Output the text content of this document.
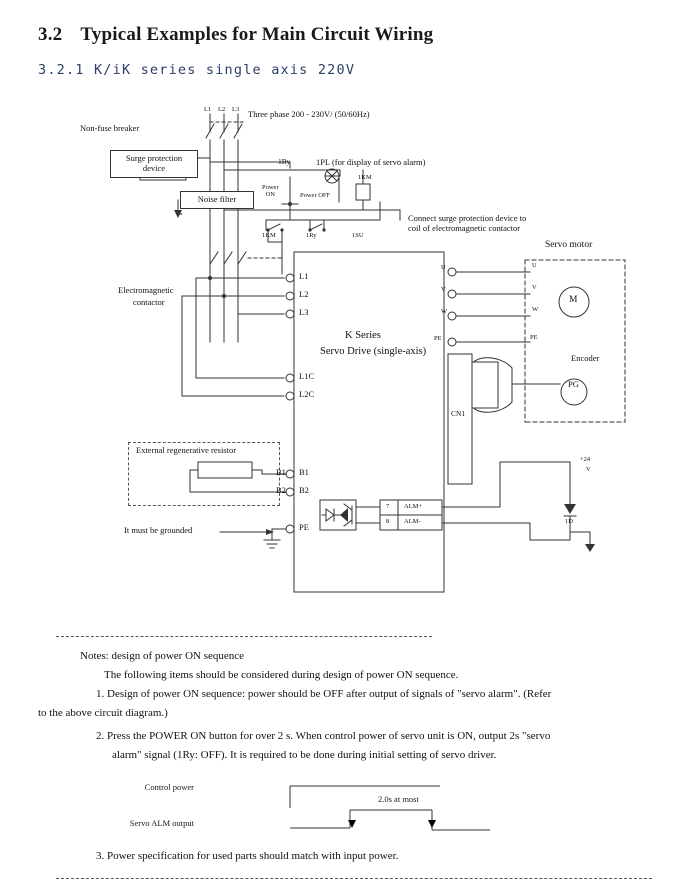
3.2 Typical Examples for Main Circuit Wiring
3.2.1 K/iK series single axis 220V
L1 L2 L3 Three phase 200 - 230V/ (50/60Hz)
Non-fuse breaker
Surge protection
device
Noise filter
1Ry	1PL (for display of servo alarm)
Power
ON	Power OFF
1KM
1KM	1Ry	1SU
Connect surge protection device to
coil of electromagnetic contactor
Electromagnetic
contactor
L1
L2
L3
L1C
L2C
B1
B2
PE
K Series
Servo Drive (single-axis)
Servo motor
U
V
W
PE
U
V
W
PE
M
PG
Encoder
CN1
External regenerative resistor
B1
B2
It must be grounded
7 ALM+
8 ALM-
+24
V
1D

Notes: design of power ON sequence

The following items should be considered during design of power ON sequence.

1. Design of power ON sequence: power should be OFF after output of signals of "servo alarm". (Refer

to the above circuit diagram.)

2. Press the POWER ON button for over 2 s. When control power of servo unit is ON, output 2s "servo

alarm" signal (1Ry: OFF). It is required to be done during initial setting of servo driver.

Control power
Servo ALM output
2.0s at most
3. Power specification for used parts should match with input power.
